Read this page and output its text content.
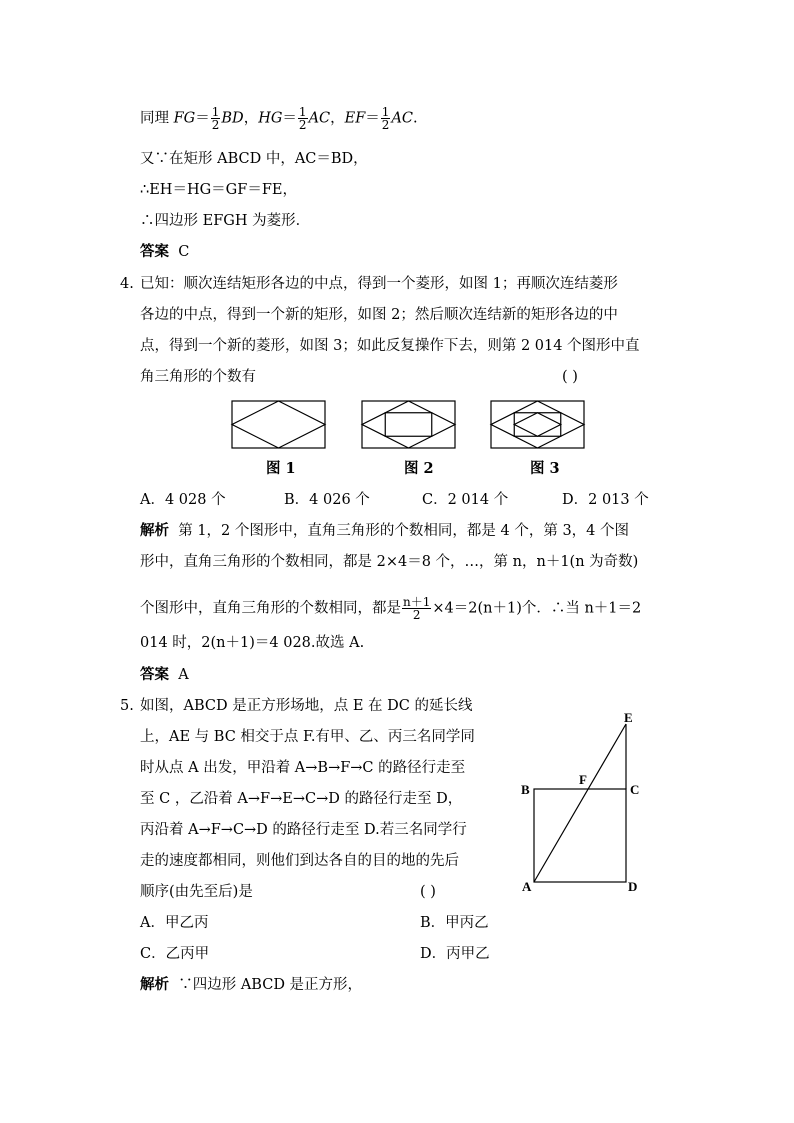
同理 $FG= \frac{1}{2}$ BD，$HG= \frac{1}{2}$ AC，$EF= \frac{1}{2}$ AC.
又∵在矩形 ABCD 中，AC＝BD，
∴EH＝HG＝GF＝FE，
∴四边形 EFGH 为菱形．
答案 C
4. 已知：顺次连结矩形各边的中点，得到一个菱形，如图 1；再顺次连结菱形
各边的中点，得到一个新的矩形，如图 2；然后顺次连结新的矩形各边的中
点，得到一个新的菱形，如图 3；如此反复操作下去，则第 2 014 个图形中直
角三角形的个数有	( )
图 1	图 2	图 3
A．4 028 个	B．4 026 个	C．2 014 个	D．2 013 个
解析 第 1，2 个图形中，直角三角形的个数相同，都是 4 个，第 3，4 个图
形中，直角三角形的个数相同，都是 2×4＝8 个，…，第 n，n＋1(n 为奇数)
个图形中，直角三角形的个数相同，都是 $\frac{n+1}{2} \times 4=2(n+1)$个．∴当 n＋1＝2
014 时，2(n＋1)＝4 028.故选 A.
答案 A
5. 如图，ABCD 是正方形场地，点 E 在 DC 的延长线
上，AE 与 BC 相交于点 F.有甲、乙、丙三名同学同
时从点 A 出发，甲沿着 A→B→F→C 的路径行走至
至 C ，乙沿着 A→F→E→C→D 的路径行走至 D，
丙沿着 A→F→C→D 的路径行走至 D.若三名同学行
走的速度都相同，则他们到达各自的目的地的先后
顺序(由先至后)是	( )
A．甲乙丙	B．甲丙乙
C．乙丙甲	D．丙甲乙
解析 ∵四边形 ABCD 是正方形，
E
B
F
C
A	D
